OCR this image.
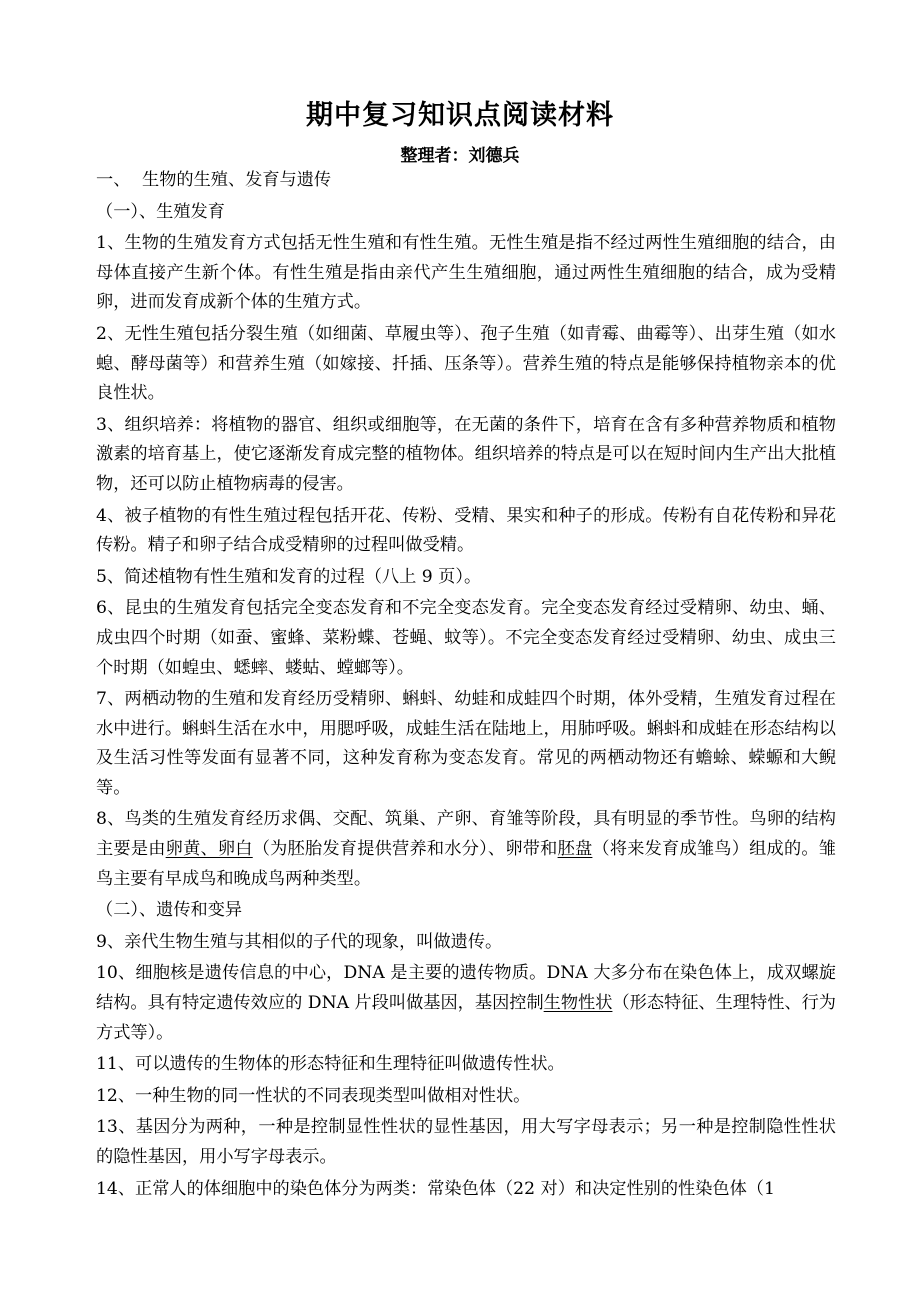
期中复习知识点阅读材料
整理者：刘德兵

一、 生物的生殖、发育与遗传

（一）、生殖发育

1、生物的生殖发育方式包括无性生殖和有性生殖。无性生殖是指不经过两性生殖细胞的结合，由母体直接产生新个体。有性生殖是指由亲代产生生殖细胞，通过两性生殖细胞的结合，成为受精卵，进而发育成新个体的生殖方式。

2、无性生殖包括分裂生殖（如细菌、草履虫等）、孢子生殖（如青霉、曲霉等）、出芽生殖（如水螅、酵母菌等）和营养生殖（如嫁接、扦插、压条等）。营养生殖的特点是能够保持植物亲本的优良性状。

3、组织培养：将植物的器官、组织或细胞等，在无菌的条件下，培育在含有多种营养物质和植物激素的培育基上，使它逐渐发育成完整的植物体。组织培养的特点是可以在短时间内生产出大批植物，还可以防止植物病毒的侵害。

4、被子植物的有性生殖过程包括开花、传粉、受精、果实和种子的形成。传粉有自花传粉和异花传粉。精子和卵子结合成受精卵的过程叫做受精。

5、简述植物有性生殖和发育的过程（八上 9 页）。

6、昆虫的生殖发育包括完全变态发育和不完全变态发育。完全变态发育经过受精卵、幼虫、蛹、成虫四个时期（如蚕、蜜蜂、菜粉蝶、苍蝇、蚊等）。不完全变态发育经过受精卵、幼虫、成虫三个时期（如蝗虫、蟋蟀、蝼蛄、螳螂等）。

7、两栖动物的生殖和发育经历受精卵、蝌蚪、幼蛙和成蛙四个时期，体外受精，生殖发育过程在水中进行。蝌蚪生活在水中，用腮呼吸，成蛙生活在陆地上，用肺呼吸。蝌蚪和成蛙在形态结构以及生活习性等发面有显著不同，这种发育称为变态发育。常见的两栖动物还有蟾蜍、蝾螈和大鲵等。

8、鸟类的生殖发育经历求偶、交配、筑巢、产卵、育雏等阶段，具有明显的季节性。鸟卵的结构主要是由卵黄、卵白（为胚胎发育提供营养和水分）、卵带和胚盘（将来发育成雏鸟）组成的。雏鸟主要有早成鸟和晚成鸟两种类型。

（二）、遗传和变异

9、亲代生物生殖与其相似的子代的现象，叫做遗传。

10、细胞核是遗传信息的中心，DNA 是主要的遗传物质。DNA 大多分布在染色体上，成双螺旋结构。具有特定遗传效应的 DNA 片段叫做基因，基因控制生物性状（形态特征、生理特性、行为方式等）。

11、可以遗传的生物体的形态特征和生理特征叫做遗传性状。

12、一种生物的同一性状的不同表现类型叫做相对性状。

13、基因分为两种，一种是控制显性性状的显性基因，用大写字母表示；另一种是控制隐性性状的隐性基因，用小写字母表示。

14、正常人的体细胞中的染色体分为两类：常染色体（22 对）和决定性别的性染色体（1
